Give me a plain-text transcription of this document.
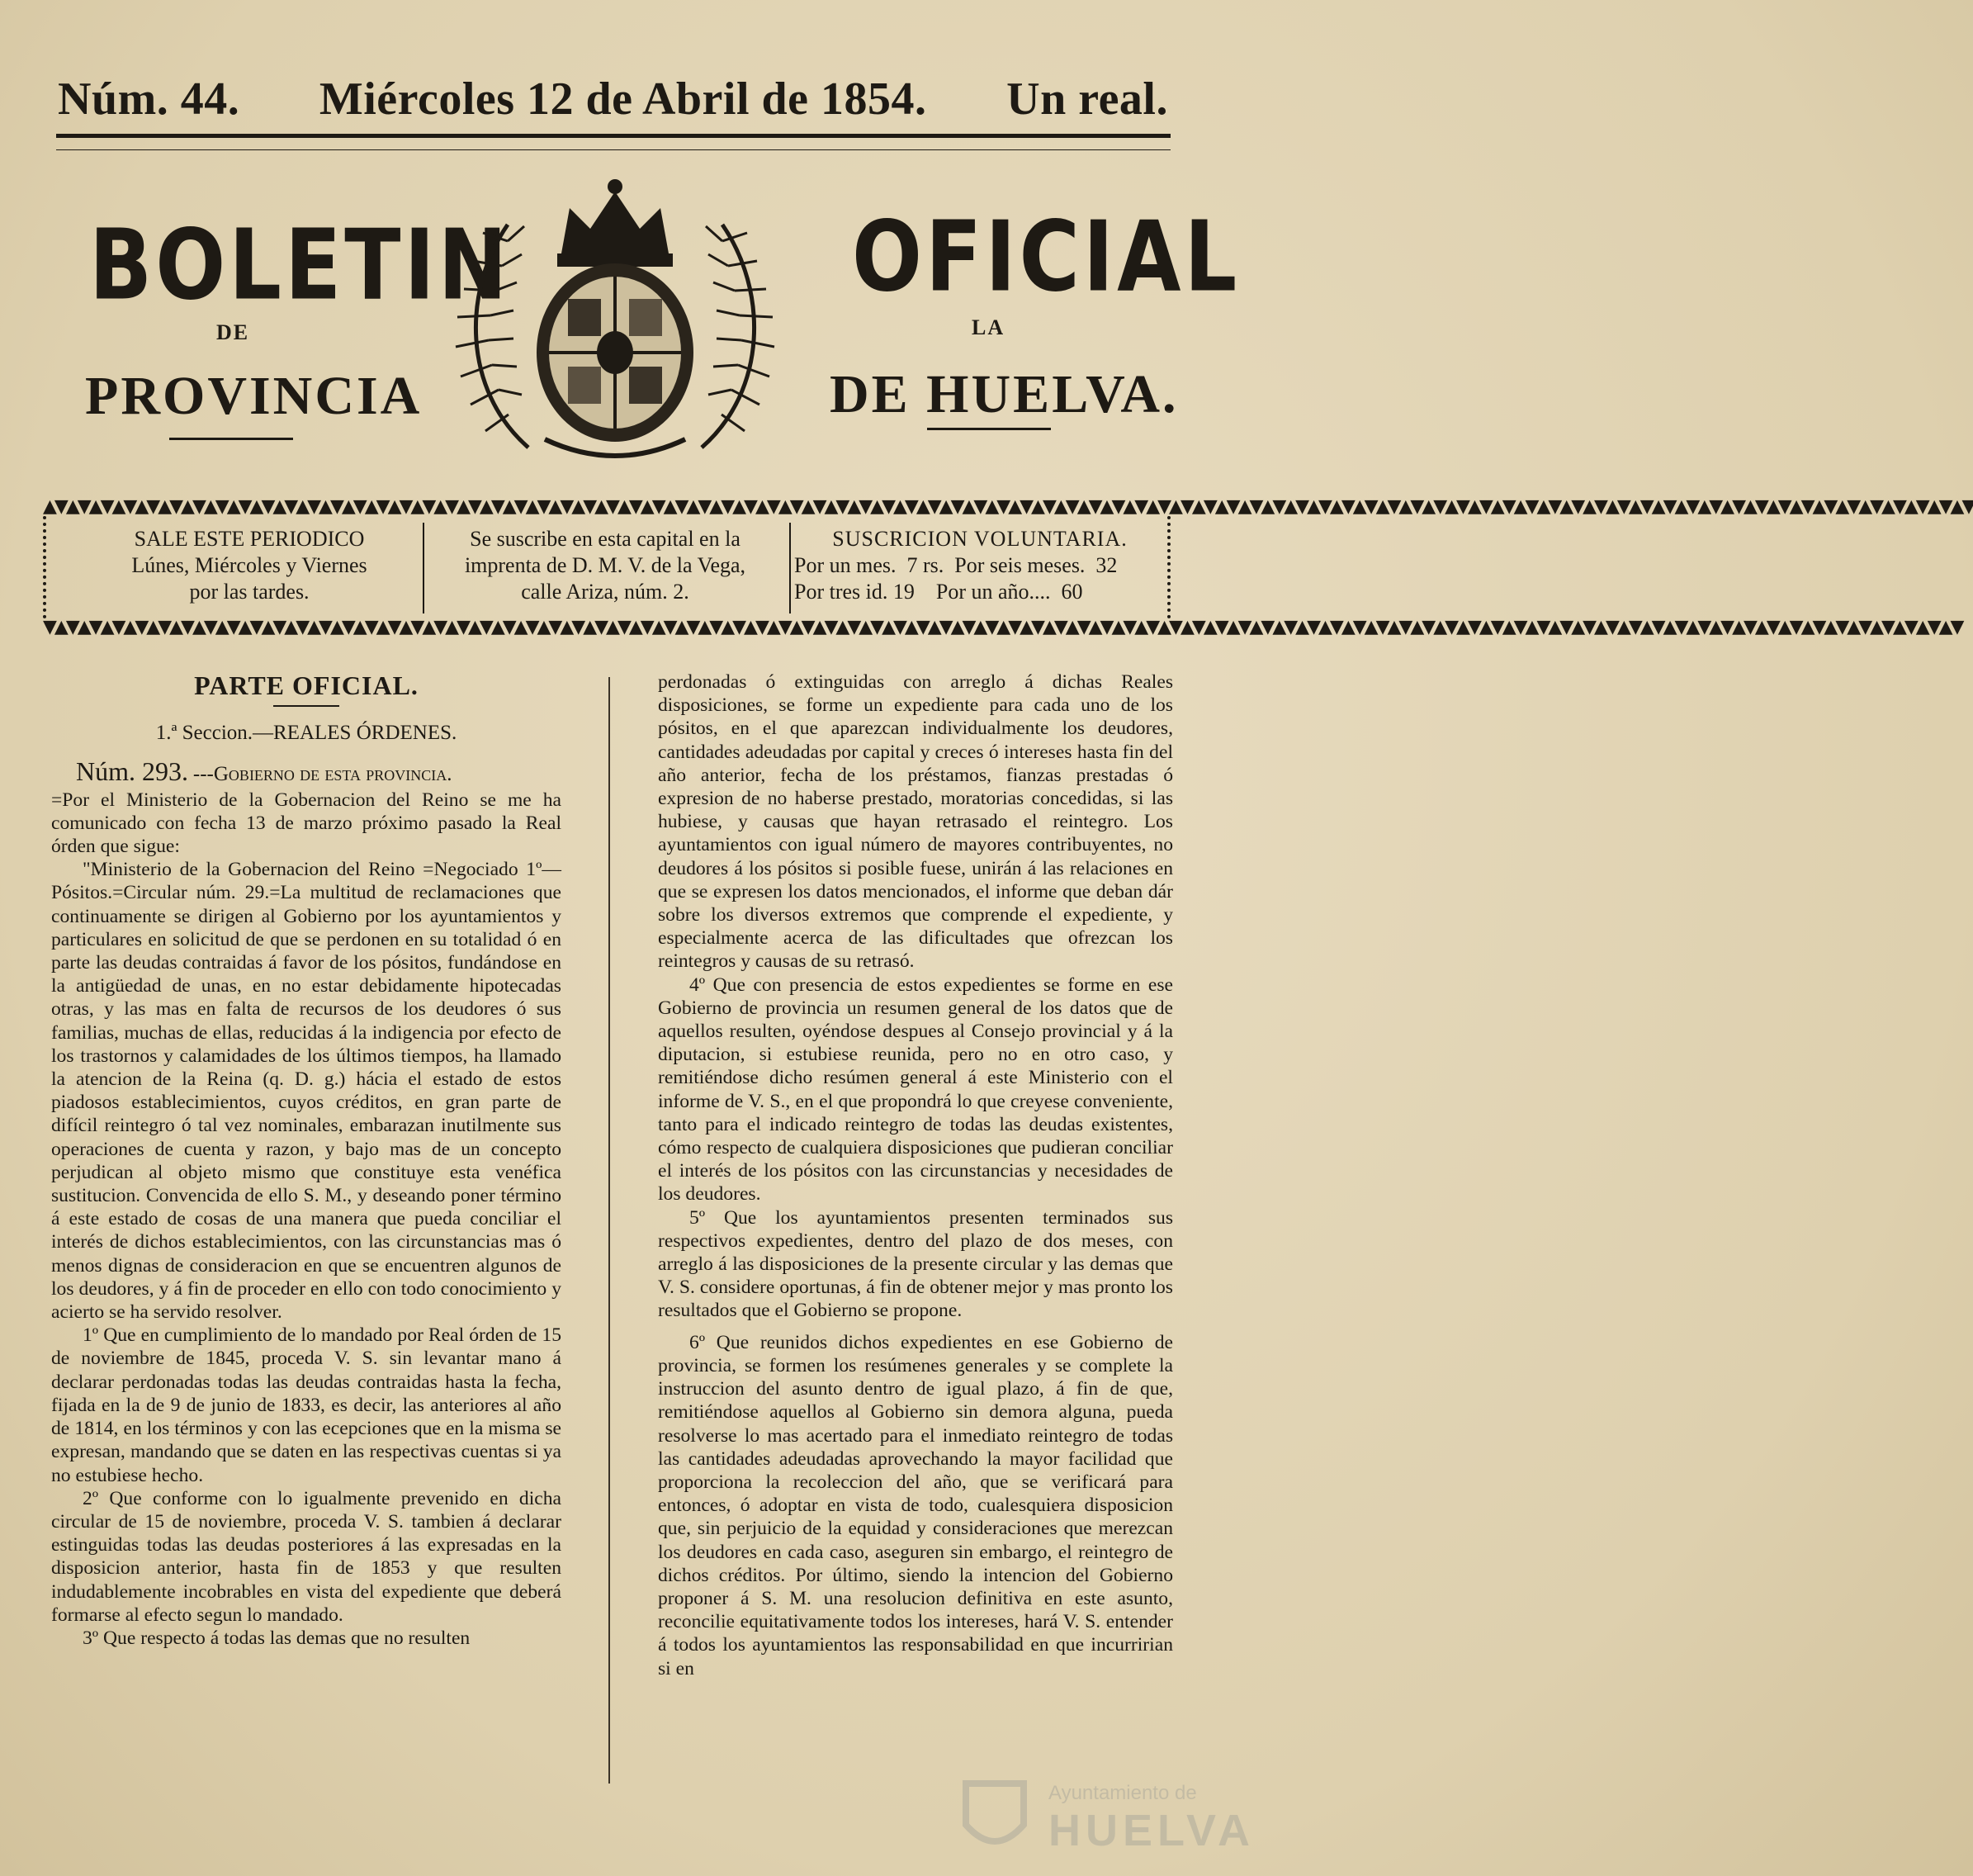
Núm. 44. Miércoles 12 de Abril de 1854. Un real.
BOLETIN
DE
PROVINCIA
OFICIAL
LA
DE HUELVA.
▲▼▲▼▲▼▲▼▲▼▲▼▲▼▲▼▲▼▲▼▲▼▲▼▲▼▲▼▲▼▲▼▲▼▲▼▲▼▲▼▲▼▲▼▲▼▲▼▲▼▲▼▲▼▲▼▲▼▲▼▲▼▲▼▲▼▲▼▲▼▲▼▲▼▲▼▲▼▲▼▲▼▲▼▲▼▲▼▲▼▲▼▲▼▲▼▲▼▲▼▲▼▲▼▲▼▲▼▲▼▲▼▲▼▲▼▲▼▲▼▲▼▲▼▲▼▲▼▲▼▲▼▲▼▲▼▲▼▲▼▲▼▲▼▲▼▲▼▲▼▲▼▲▼▲▼▲▼▲▼▲▼▲▼▲▼▲▼
▼▲▼▲▼▲▼▲▼▲▼▲▼▲▼▲▼▲▼▲▼▲▼▲▼▲▼▲▼▲▼▲▼▲▼▲▼▲▼▲▼▲▼▲▼▲▼▲▼▲▼▲▼▲▼▲▼▲▼▲▼▲▼▲▼▲▼▲▼▲▼▲▼▲▼▲▼▲▼▲▼▲▼▲▼▲▼▲▼▲▼▲▼▲▼▲▼▲▼▲▼▲▼▲▼▲▼▲▼▲▼▲▼▲▼▲▼▲▼▲▼▲▼▲▼▲▼▲▼▲▼▲▼▲▼▲▼▲▼▲▼▲▼▲▼▲▼▲▼▲▼▲▼▲▼▲▼▲▼▲▼▲▼▲▼▲▼
SALE ESTE PERIODICO
Lúnes, Miércoles y Viernes
por las tardes.
Se suscribe en esta capital en la
imprenta de D. M. V. de la Vega,
calle Ariza, núm. 2.
SUSCRICION VOLUNTARIA.
Por un mes.  7 rs.  Por seis meses.  32
Por tres id. 19    Por un año....  60

PARTE OFICIAL.

1.ª Seccion.—REALES ÓRDENES.

Núm. 293. ---Gobierno de esta provincia.

=Por el Ministerio de la Gobernacion del Reino se me ha comunicado con fecha 13 de marzo próximo pasado la Real órden que sigue:

"Ministerio de la Gobernacion del Reino =Negociado 1º—Pósitos.=Circular núm. 29.=La multitud de reclamaciones que continuamente se dirigen al Gobierno por los ayuntamientos y particulares en solicitud de que se perdonen en su totalidad ó en parte las deudas contraidas á favor de los pósitos, fundándose en la antigüedad de unas, en no estar debidamente hipotecadas otras, y las mas en falta de recursos de los deudores ó sus familias, muchas de ellas, reducidas á la indigencia por efecto de los trastornos y calamidades de los últimos tiempos, ha llamado la atencion de la Reina (q. D. g.) hácia el estado de estos piadosos establecimientos, cuyos créditos, en gran parte de difícil reintegro ó tal vez nominales, embarazan inutilmente sus operaciones de cuenta y razon, y bajo mas de un concepto perjudican al objeto mismo que constituye esta venéfica sustitucion. Convencida de ello S. M., y deseando poner término á este estado de cosas de una manera que pueda conciliar el interés de dichos establecimientos, con las circunstancias mas ó menos dignas de consideracion en que se encuentren algunos de los deudores, y á fin de proceder en ello con todo conocimiento y acierto se ha servido resolver.

1º Que en cumplimiento de lo mandado por Real órden de 15 de noviembre de 1845, proceda V. S. sin levantar mano á declarar perdonadas todas las deudas contraidas hasta la fecha, fijada en la de 9 de junio de 1833, es decir, las anteriores al año de 1814, en los términos y con las ecepciones que en la misma se expresan, mandando que se daten en las respectivas cuentas si ya no estubiese hecho.

2º Que conforme con lo igualmente prevenido en dicha circular de 15 de noviembre, proceda V. S. tambien á declarar estinguidas todas las deudas posteriores á las expresadas en la disposicion anterior, hasta fin de 1853 y que resulten indudablemente incobrables en vista del expediente que deberá formarse al efecto segun lo mandado.

3º Que respecto á todas las demas que no resulten

perdonadas ó extinguidas con arreglo á dichas Reales disposiciones, se forme un expediente para cada uno de los pósitos, en el que aparezcan individualmente los deudores, cantidades adeudadas por capital y creces ó intereses hasta fin del año anterior, fecha de los préstamos, fianzas prestadas ó expresion de no haberse prestado, moratorias concedidas, si las hubiese, y causas que hayan retrasado el reintegro. Los ayuntamientos con igual número de mayores contribuyentes, no deudores á los pósitos si posible fuese, unirán á las relaciones en que se expresen los datos mencionados, el informe que deban dár sobre los diversos extremos que comprende el expediente, y especialmente acerca de las dificultades que ofrezcan los reintegros y causas de su retrasó.

4º Que con presencia de estos expedientes se forme en ese Gobierno de provincia un resumen general de los datos que de aquellos resulten, oyéndose despues al Consejo provincial y á la diputacion, si estubiese reunida, pero no en otro caso, y remitiéndose dicho resúmen general á este Ministerio con el informe de V. S., en el que propondrá lo que creyese conveniente, tanto para el indicado reintegro de todas las deudas existentes, cómo respecto de cualquiera disposiciones que pudieran conciliar el interés de los pósitos con las circunstancias y necesidades de los deudores.

5º Que los ayuntamientos presenten terminados sus respectivos expedientes, dentro del plazo de dos meses, con arreglo á las disposiciones de la presente circular y las demas que V. S. considere oportunas, á fin de obtener mejor y mas pronto los resultados que el Gobierno se propone.

6º Que reunidos dichos expedientes en ese Gobierno de provincia, se formen los resúmenes generales y se complete la instruccion del asunto dentro de igual plazo, á fin de que, remitiéndose aquellos al Gobierno sin demora alguna, pueda resolverse lo mas acertado para el inmediato reintegro de todas las cantidades adeudadas aprovechando la mayor facilidad que proporciona la recoleccion del año, que se verificará para entonces, ó adoptar en vista de todo, cualesquiera disposicion que, sin perjuicio de la equidad y consideraciones que merezcan los deudores en cada caso, aseguren sin embargo, el reintegro de dichos créditos. Por último, siendo la intencion del Gobierno proponer á S. M. una resolucion definitiva en este asunto, reconcilie equitativamente todos los intereses, hará V. S. entender á todos los ayuntamientos las responsabilidad en que incurririan si en

Ayuntamiento de
HUELVA
